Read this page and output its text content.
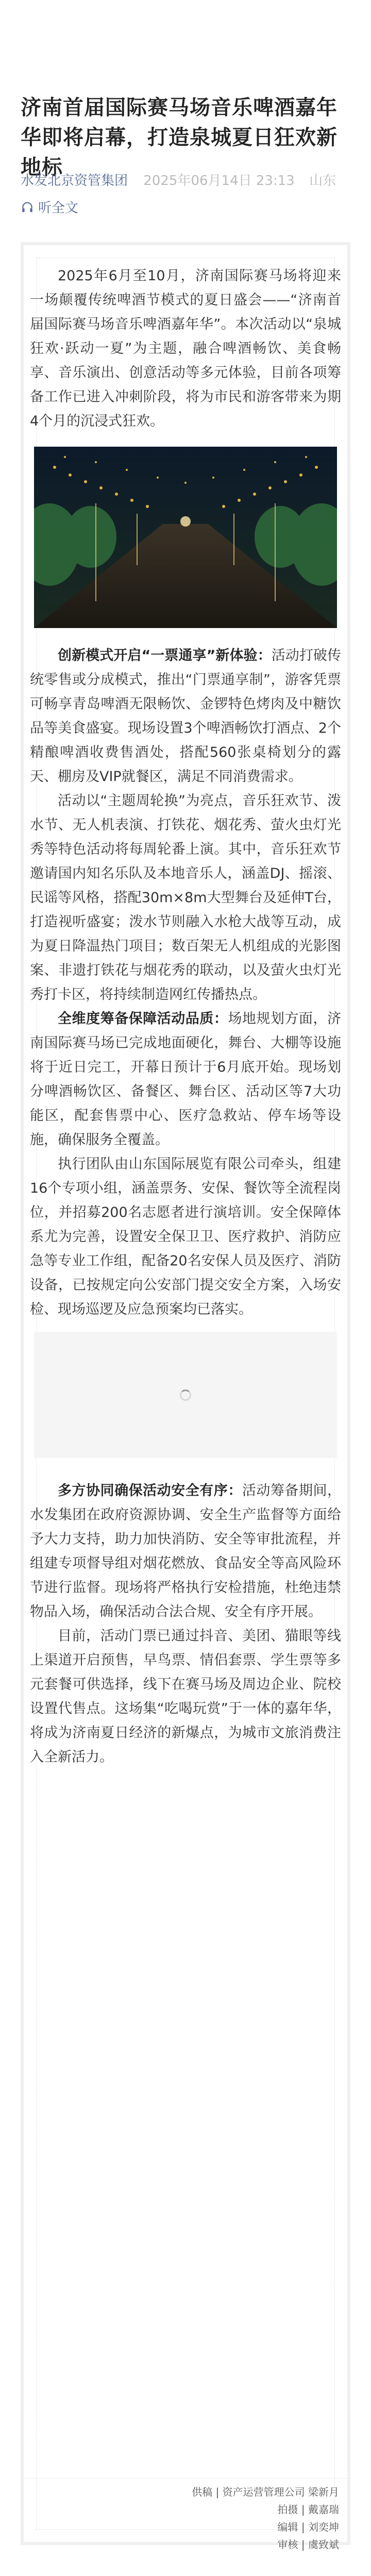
济南首届国际赛马场音乐啤酒嘉年华即将启幕，打造泉城夏日狂欢新地标
水发北京资管集团 2025年06月14日 23:13 山东
听全文

2025年6月至10月，济南国际赛马场将迎来一场颠覆传统啤酒节模式的夏日盛会——“济南首届国际赛马场音乐啤酒嘉年华”。本次活动以“泉城狂欢·跃动一夏”为主题，融合啤酒畅饮、美食畅享、音乐演出、创意活动等多元体验，目前各项筹备工作已进入冲刺阶段，将为市民和游客带来为期4个月的沉浸式狂欢。

创新模式开启“一票通享”新体验：活动打破传统零售或分成模式，推出“门票通享制”，游客凭票可畅享青岛啤酒无限畅饮、金锣特色烤肉及中糖饮品等美食盛宴。现场设置3个啤酒畅饮打酒点、2个精酿啤酒收费售酒处，搭配560张桌椅划分的露天、棚房及VIP就餐区，满足不同消费需求。

活动以“主题周轮换”为亮点，音乐狂欢节、泼水节、无人机表演、打铁花、烟花秀、萤火虫灯光秀等特色活动将每周轮番上演。其中，音乐狂欢节邀请国内知名乐队及本地音乐人，涵盖DJ、摇滚、民谣等风格，搭配30m×8m大型舞台及延伸T台，打造视听盛宴；泼水节则融入水枪大战等互动，成为夏日降温热门项目；数百架无人机组成的光影图案、非遗打铁花与烟花秀的联动，以及萤火虫灯光秀打卡区，将持续制造网红传播热点。

全维度筹备保障活动品质：场地规划方面，济南国际赛马场已完成地面硬化，舞台、大棚等设施将于近日完工，开幕日预计于6月底开始。现场划分啤酒畅饮区、备餐区、舞台区、活动区等7大功能区，配套售票中心、医疗急救站、停车场等设施，确保服务全覆盖。

执行团队由山东国际展览有限公司牵头，组建16个专项小组，涵盖票务、安保、餐饮等全流程岗位，并招募200名志愿者进行演培训。安全保障体系尤为完善，设置安全保卫卫、医疗救护、消防应急等专业工作组，配备20名安保人员及医疗、消防设备，已按规定向公安部门提交安全方案，入场安检、现场巡逻及应急预案均已落实。

多方协同确保活动安全有序：活动筹备期间，水发集团在政府资源协调、安全生产监督等方面给予大力支持，助力加快消防、安全等审批流程，并组建专项督导组对烟花燃放、食品安全等高风险环节进行监督。现场将严格执行安检措施，杜绝违禁物品入场，确保活动合法合规、安全有序开展。

目前，活动门票已通过抖音、美团、猫眼等线上渠道开启预售，早鸟票、情侣套票、学生票等多元套餐可供选择，线下在赛马场及周边企业、院校设置代售点。这场集“吃喝玩赏”于一体的嘉年华，将成为济南夏日经济的新爆点，为城市文旅消费注入全新活力。

供稿 | 资产运营管理公司 梁新月
拍摄 | 戴嘉瑞
编辑 | 刘奕坤
审核 | 虞致斌
